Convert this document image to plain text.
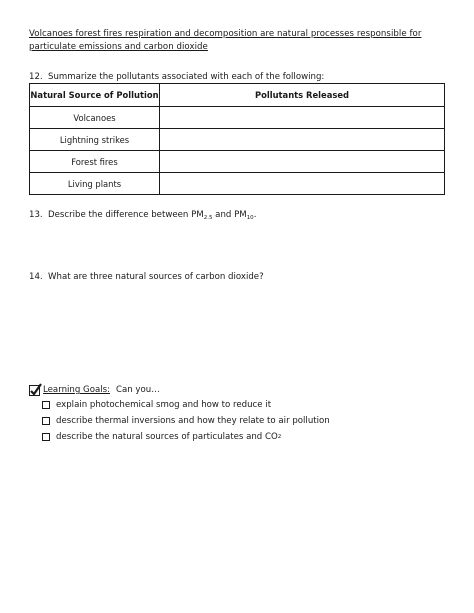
Volcanoes forest fires respiration and decomposition are natural processes responsible for particulate emissions and carbon dioxide
12. Summarize the pollutants associated with each of the following:
Natural Source of Pollution	Pollutants Released
Volcanoes	
Lightning strikes	
Forest fires	
Living plants	
13. Describe the difference between $PM_{2.5}$ and $PM_{10}$.
14. What are three natural sources of carbon dioxide?
Learning Goals: Can you…
explain photochemical smog and how to reduce it
describe thermal inversions and how they relate to air pollution
describe the natural sources of particulates and CO 2
